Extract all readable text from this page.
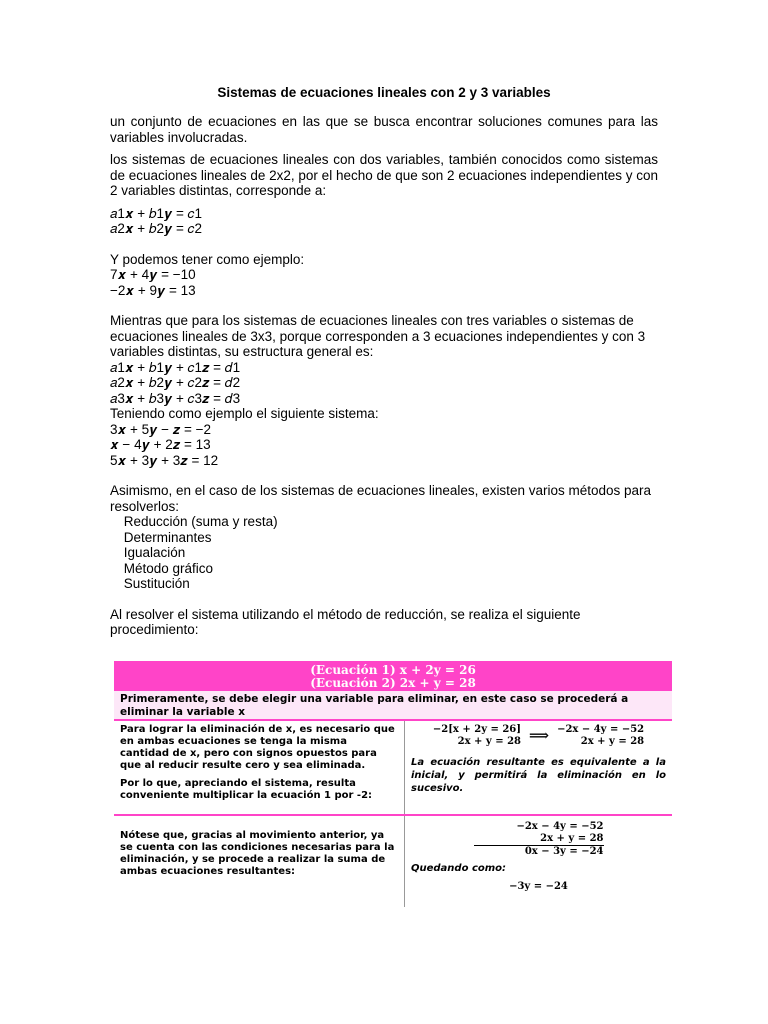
Sistemas de ecuaciones lineales con 2 y 3 variables
un conjunto de ecuaciones en las que se busca encontrar soluciones comunes para las variables involucradas.
los sistemas de ecuaciones lineales con dos variables, también conocidos como sistemas de ecuaciones lineales de 2x2, por el hecho de que son 2 ecuaciones independientes y con 2 variables distintas, corresponde a:
𝑎1𝒙 + 𝑏1𝒚 = 𝑐1
𝑎2𝒙 + 𝑏2𝒚 = 𝑐2
Y podemos tener como ejemplo:
7𝒙 + 4𝒚 = −10
−2𝒙 + 9𝒚 = 13
Mientras que para los sistemas de ecuaciones lineales con tres variables o sistemas de ecuaciones lineales de 3x3, porque corresponden a 3 ecuaciones independientes y con 3 variables distintas, su estructura general es:
𝑎1𝒙 + 𝑏1𝒚 + 𝑐1𝒛 = 𝑑1
𝑎2𝒙 + 𝑏2𝒚 + 𝑐2𝒛 = 𝑑2
𝑎3𝒙 + 𝑏3𝒚 + 𝑐3𝒛 = 𝑑3
Teniendo como ejemplo el siguiente sistema:
3𝒙 + 5𝒚 − 𝒛 = −2
𝒙 − 4𝒚 + 2𝒛 = 13
5𝒙 + 3𝒚 + 3𝒛 = 12
Asimismo, en el caso de los sistemas de ecuaciones lineales, existen varios métodos para resolverlos:
Reducción (suma y resta)
Determinantes
Igualación
Método gráfico
Sustitución
Al resolver el sistema utilizando el método de reducción, se realiza el siguiente procedimiento:
(Ecuación 1) x + 2y = 26
(Ecuación 2) 2x + y = 28
Primeramente, se debe elegir una variable para eliminar, en este caso se procederá a eliminar la variable x
Para lograr la eliminación de x, es necesario que en ambas ecuaciones se tenga la misma cantidad de x, pero con signos opuestos para que al reducir resulte cero y sea eliminada.
Por lo que, apreciando el sistema, resulta conveniente multiplicar la ecuación 1 por -2:
−2[x + 2y = 26]
2x + y = 28 ⟹ −2x − 4y = −52
2x + y = 28
La ecuación resultante es equivalente a la inicial, y permitirá la eliminación en lo sucesivo.
Nótese que, gracias al movimiento anterior, ya se cuenta con las condiciones necesarias para la eliminación, y se procede a realizar la suma de ambas ecuaciones resultantes:
−2x − 4y = −52
2x + y = 28
0x − 3y = −24
Quedando como:
−3y = −24
